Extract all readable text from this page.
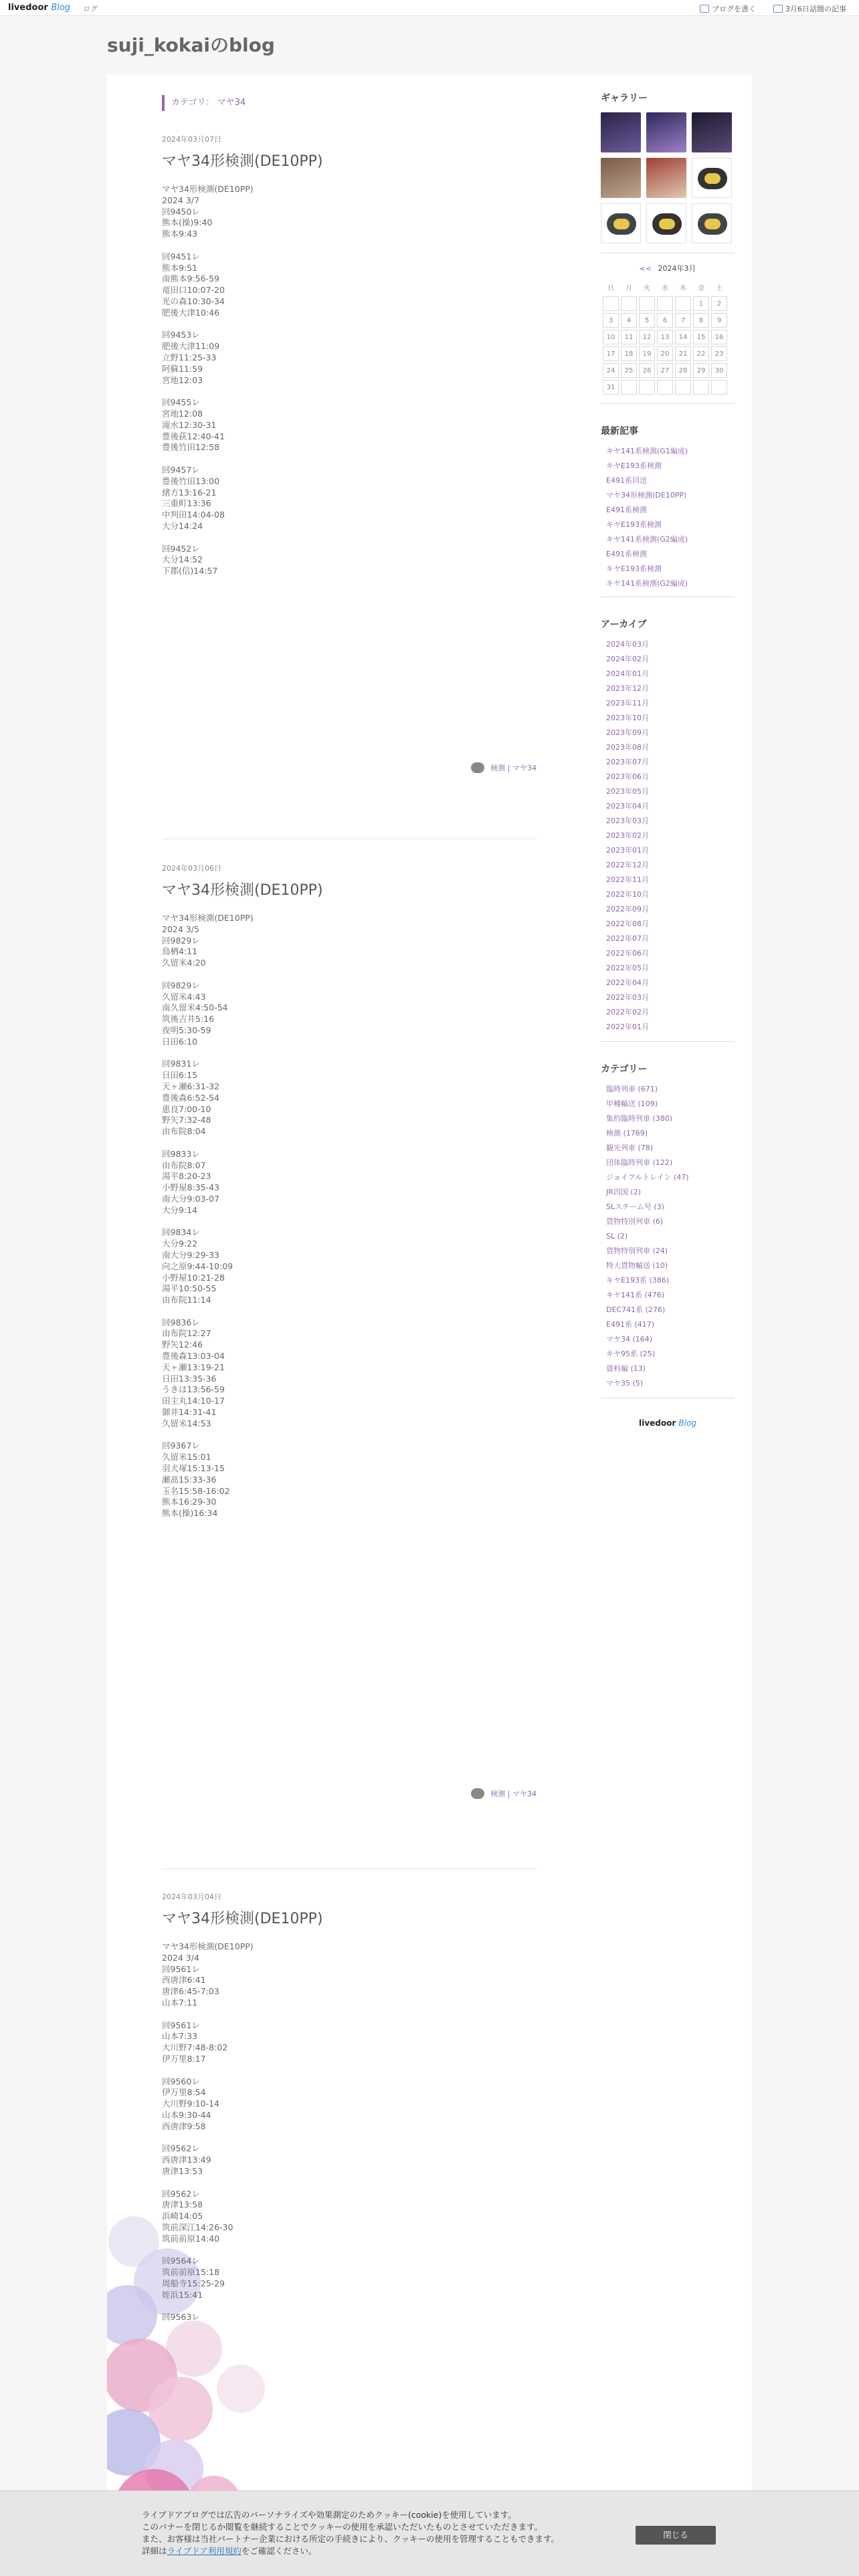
livedoor Blog ログ	ブログを書く	3月6日話題の記事
suji_kokaiのblog
カテゴリ： マヤ34
2024年03月07日
マヤ34形検測(DE10PP)
マヤ34形検測(DE10PP)
2024 3/7
回9450レ
熊本(操)9:40
熊本9:43

回9451レ
熊本9:51
南熊本9:56-59
竜田口10:07-20
光の森10:30-34
肥後大津10:46

回9453レ
肥後大津11:09
立野11:25-33
阿蘇11:59
宮地12:03

回9455レ
宮地12:08
滝水12:30-31
豊後荻12:40-41
豊後竹田12:58

回9457レ
豊後竹田13:00
緒方13:16-21
三重町13:36
中判田14:04-08
大分14:24

回9452レ
大分14:52
下郡(信)14:57
検測 | マヤ34
2024年03月06日
マヤ34形検測(DE10PP)
マヤ34形検測(DE10PP)
2024 3/5
回9829レ
鳥栖4:11
久留米4:20

回9829レ
久留米4:43
南久留米4:50-54
筑後吉井5:16
夜明5:30-59
日田6:10

回9831レ
日田6:15
天ヶ瀬6:31-32
豊後森6:52-54
恵良7:00-10
野矢7:32-48
由布院8:04

回9833レ
由布院8:07
湯平8:20-23
小野屋8:35-43
南大分9:03-07
大分9:14

回9834レ
大分9:22
南大分9:29-33
向之原9:44-10:09
小野屋10:21-28
湯平10:50-55
由布院11:14

回9836レ
由布院12:27
野矢12:46
豊後森13:03-04
天ヶ瀬13:19-21
日田13:35-36
うきは13:56-59
田主丸14:10-17
御井14:31-41
久留米14:53

回9367レ
久留米15:01
羽犬塚15:13-15
瀬高15:33-36
玉名15:58-16:02
熊本16:29-30
熊本(操)16:34
検測 | マヤ34
2024年03月04日
マヤ34形検測(DE10PP)
マヤ34形検測(DE10PP)
2024 3/4
回9561レ
西唐津6:41
唐津6:45-7:03
山本7:11

回9561レ
山本7:33
大川野7:48-8:02
伊万里8:17

回9560レ
伊万里8:54
大川野9:10-14
山本9:30-44
西唐津9:58

回9562レ
西唐津13:49
唐津13:53

回9562レ
唐津13:58
浜崎14:05
筑前深江14:26-30
筑前前原14:40

回9564レ
筑前前原15:18
周船寺15:25-29
姪浜15:41

回9563レ
ギャラリー
<< 2024年3月
日	月	火	水	木	金	土
					1	2
3	4	5	6	7	8	9
10	11	12	13	14	15	16
17	18	19	20	21	22	23
24	25	26	27	28	29	30
31						
最新記事
キヤ141系検測(G1編成)
キヤE193系検測
E491系回送
マヤ34形検測(DE10PP)
E491系検測
キヤE193系検測
キヤ141系検測(G2編成)
E491系検測
キヤE193系検測
キヤ141系検測(G2編成)
アーカイブ
2024年03月
2024年02月
2024年01月
2023年12月
2023年11月
2023年10月
2023年09月
2023年08月
2023年07月
2023年06月
2023年05月
2023年04月
2023年03月
2023年02月
2023年01月
2022年12月
2022年11月
2022年10月
2022年09月
2022年08月
2022年07月
2022年06月
2022年05月
2022年04月
2022年03月
2022年02月
2022年01月
カテゴリー
臨時列車 (671)
甲種輸送 (109)
集約臨時列車 (380)
検測 (1769)
観光列車 (78)
団体臨時列車 (122)
ジョイフルトレイン (47)
JR四国 (2)
SLスチーム号 (3)
貨物特別列車 (6)
SL (2)
貨物特別列車 (24)
特大貨物輸送 (10)
キヤE193系 (386)
キヤ141系 (476)
DEC741系 (276)
E491系 (417)
マヤ34 (164)
キヤ95系 (25)
資料編 (13)
マヤ35 (5)
livedoor Blog
ライブドアブログでは広告のパーソナライズや効果測定のためクッキー(cookie)を使用しています。
このバナーを閉じるか閲覧を継続することでクッキーの使用を承認いただいたものとさせていただきます。
また、お客様は当社パートナー企業における所定の手続きにより、クッキーの使用を管理することもできます。
詳細はライブドア利用規約をご確認ください。
閉じる
